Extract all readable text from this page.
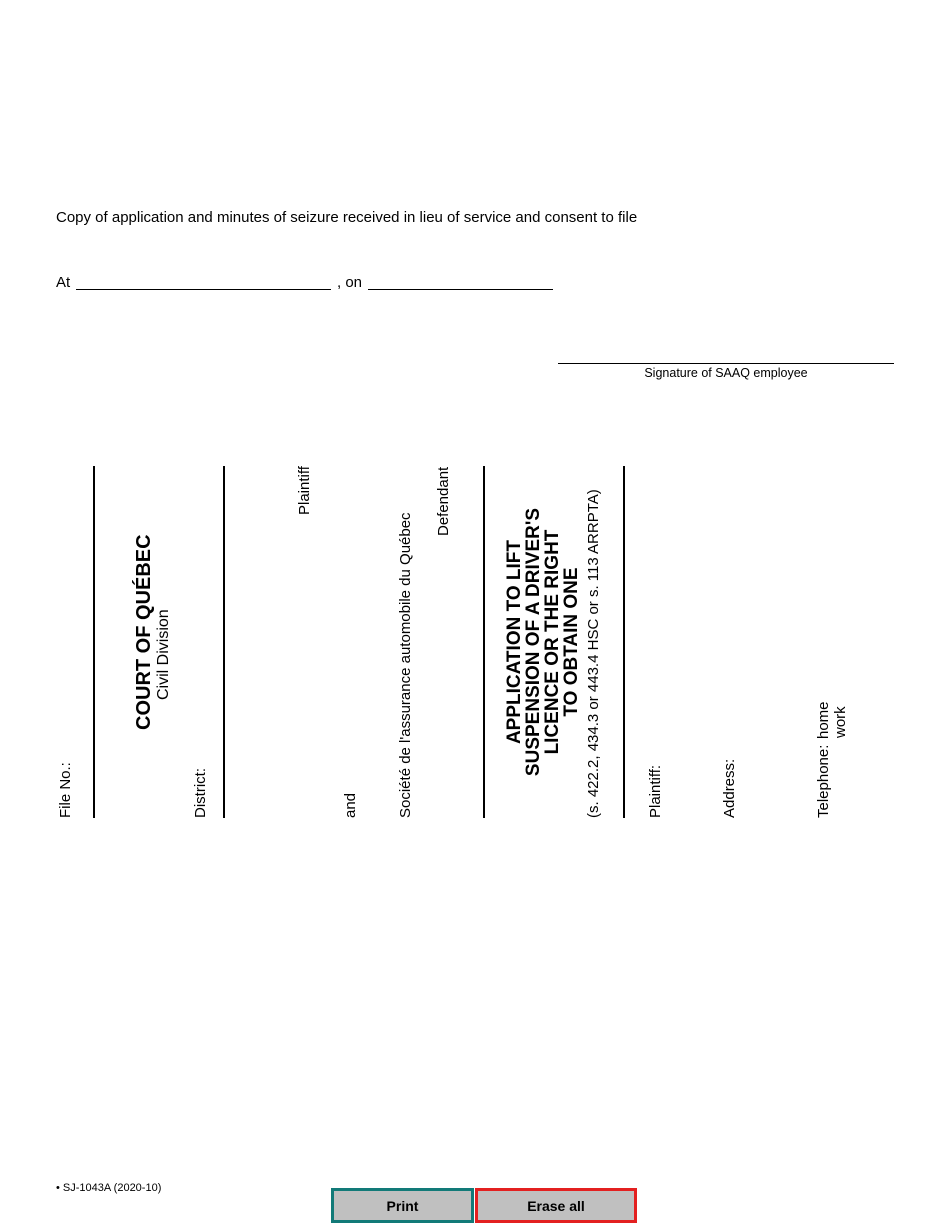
Copy of application and minutes of seizure received in lieu of service and consent to file
At	, on
Signature of SAAQ employee
File No.:
COURT OF QUÉBEC Civil Division
District:
Plaintiff
and	Société de l'assurance automobile du Québec
Defendant
APPLICATION TO LIFT
SUSPENSION OF A DRIVER'S
LICENCE OR THE RIGHT
TO OBTAIN ONE (s. 422.2, 434.3 or 443.4 HSC or s. 113 ARRPTA)	Plaintiff:	Address:	Telephone:
home work
• SJ-1043A (2020-10)
Print	Erase all
